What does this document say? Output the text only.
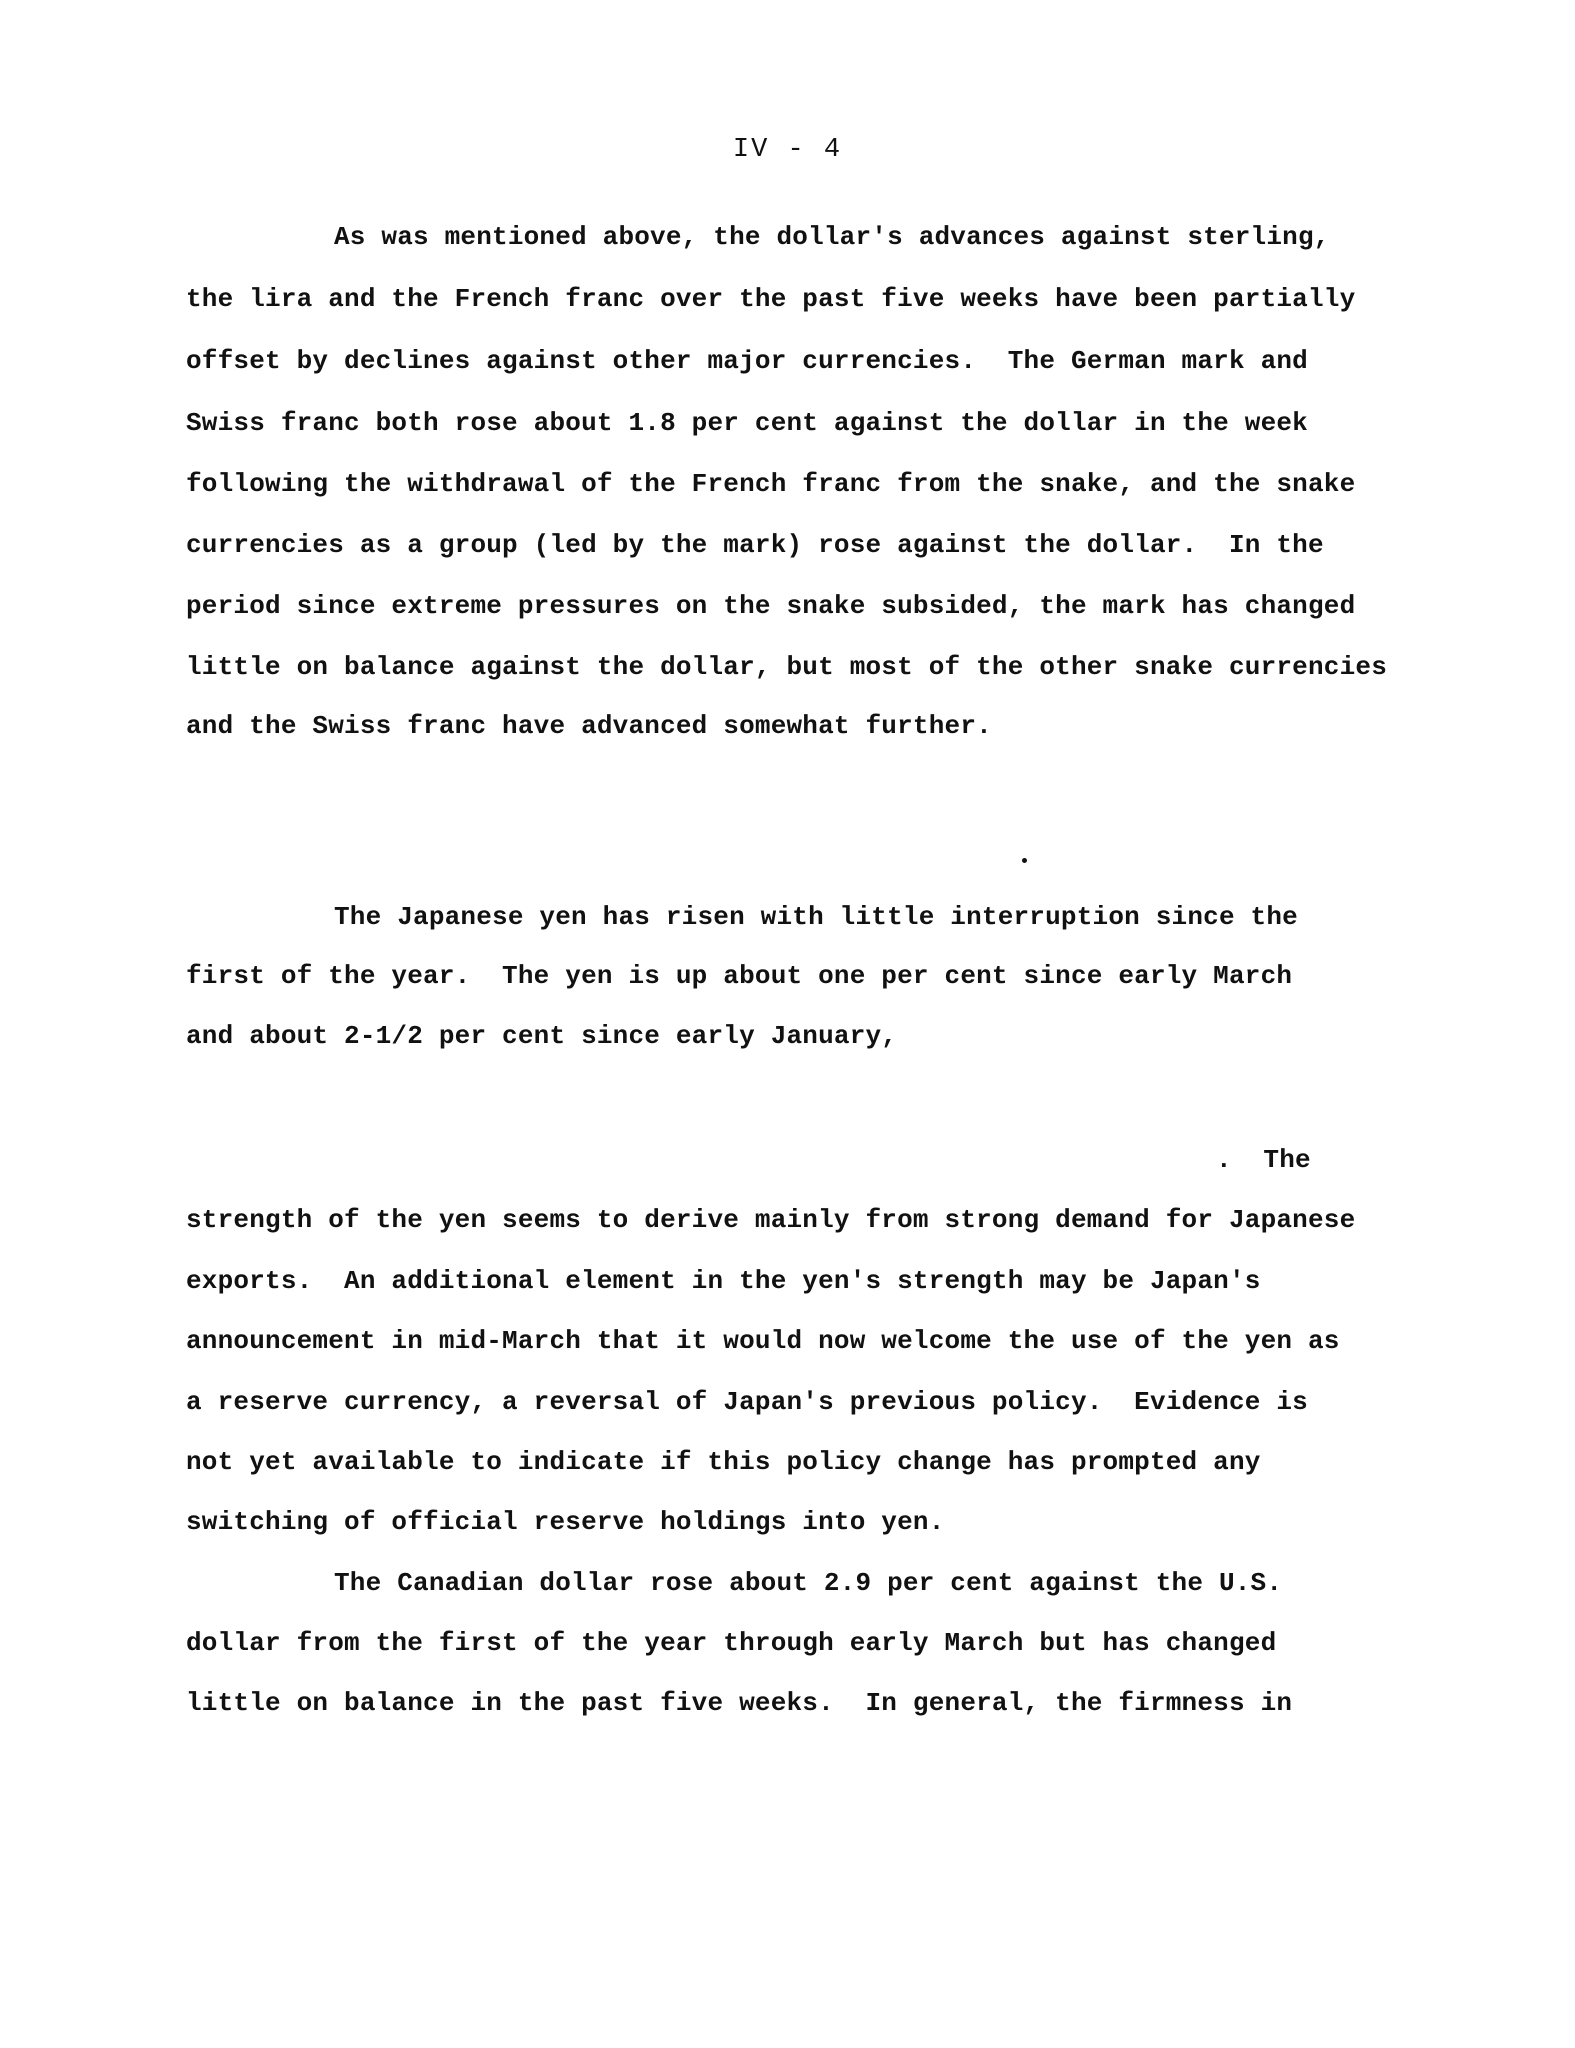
IV - 4
As was mentioned above, the dollar's advances against sterling,
the lira and the French franc over the past five weeks have been partially
offset by declines against other major currencies.  The German mark and
Swiss franc both rose about 1.8 per cent against the dollar in the week
following the withdrawal of the French franc from the snake, and the snake
currencies as a group (led by the mark) rose against the dollar.  In the
period since extreme pressures on the snake subsided, the mark has changed
little on balance against the dollar, but most of the other snake currencies
and the Swiss franc have advanced somewhat further.
The Japanese yen has risen with little interruption since the
first of the year.  The yen is up about one per cent since early March
and about 2-1/2 per cent since early January,
.  The
strength of the yen seems to derive mainly from strong demand for Japanese
exports.  An additional element in the yen's strength may be Japan's
announcement in mid-March that it would now welcome the use of the yen as
a reserve currency, a reversal of Japan's previous policy.  Evidence is
not yet available to indicate if this policy change has prompted any
switching of official reserve holdings into yen.
The Canadian dollar rose about 2.9 per cent against the U.S.
dollar from the first of the year through early March but has changed
little on balance in the past five weeks.  In general, the firmness in
